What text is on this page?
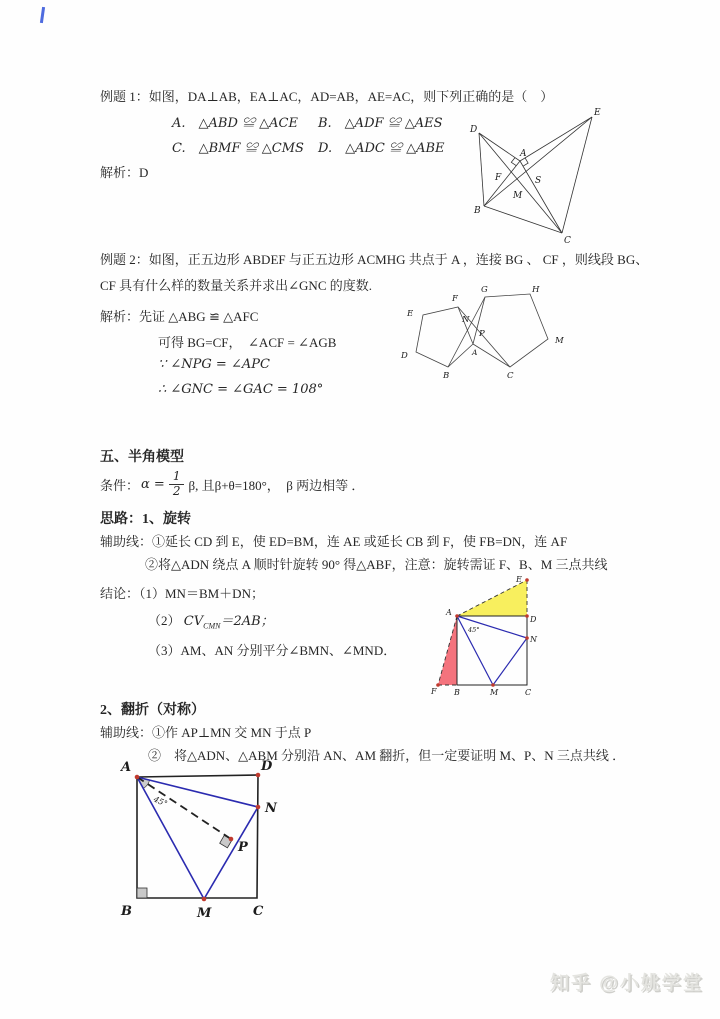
例题 1：如图，DA⊥AB，EA⊥AC，AD=AB，AE=AC，则下列正确的是（　）
A.　△ABD ≌ △ACE B.　△ADF ≌ △AES
C.　△BMF ≌ △CMS D.　△ADC ≌ △ABE
解析：D
D
E
A
F	S
M
B
C
例题 2：如图，正五边形 ABDEF 与正五边形 ACMHG 共点于 A ，连接 BG 、 CF ，则线段 BG、
CF 具有什么样的数量关系并求出∠GNC 的度数.
解析：先证 △ABG ≌ △AFC
可得 BG=CF，　∠ACF = ∠AGB
∵ ∠NPG = ∠APC
∴ ∠GNC = ∠GAC = 108°
E
F
G	H
N
P
M
D	A
B	C
五、半角模型
条件： $\alpha = \frac{1}{2} \beta$, 且β+θ=180°，　β 两边相等 ．
思路：1、旋转
辅助线：①延长 CD 到 E，使 ED=BM，连 AE 或延长 CB 到 F，使 FB=DN，连 AF
②将△ADN 绕点 A 顺时针旋转 90° 得△ABF，注意：旋转需证 F、B、M 三点共线
结论：（1）MN＝BM＋DN；
（2） $CV_{CMN}=2AB$；
（3）AM、AN 分别平分∠BMN、∠MND．
45°
A
D
E
N
F B	M	C
2、翻折（对称）
辅助线：①作 AP⊥MN 交 MN 于点 P
②　将△ADN、△ABM 分别沿 AN、AM 翻折，但一定要证明 M、P、N 三点共线 ．
45°
A	D
N
P
B	M	C
知乎 @小姚学堂
